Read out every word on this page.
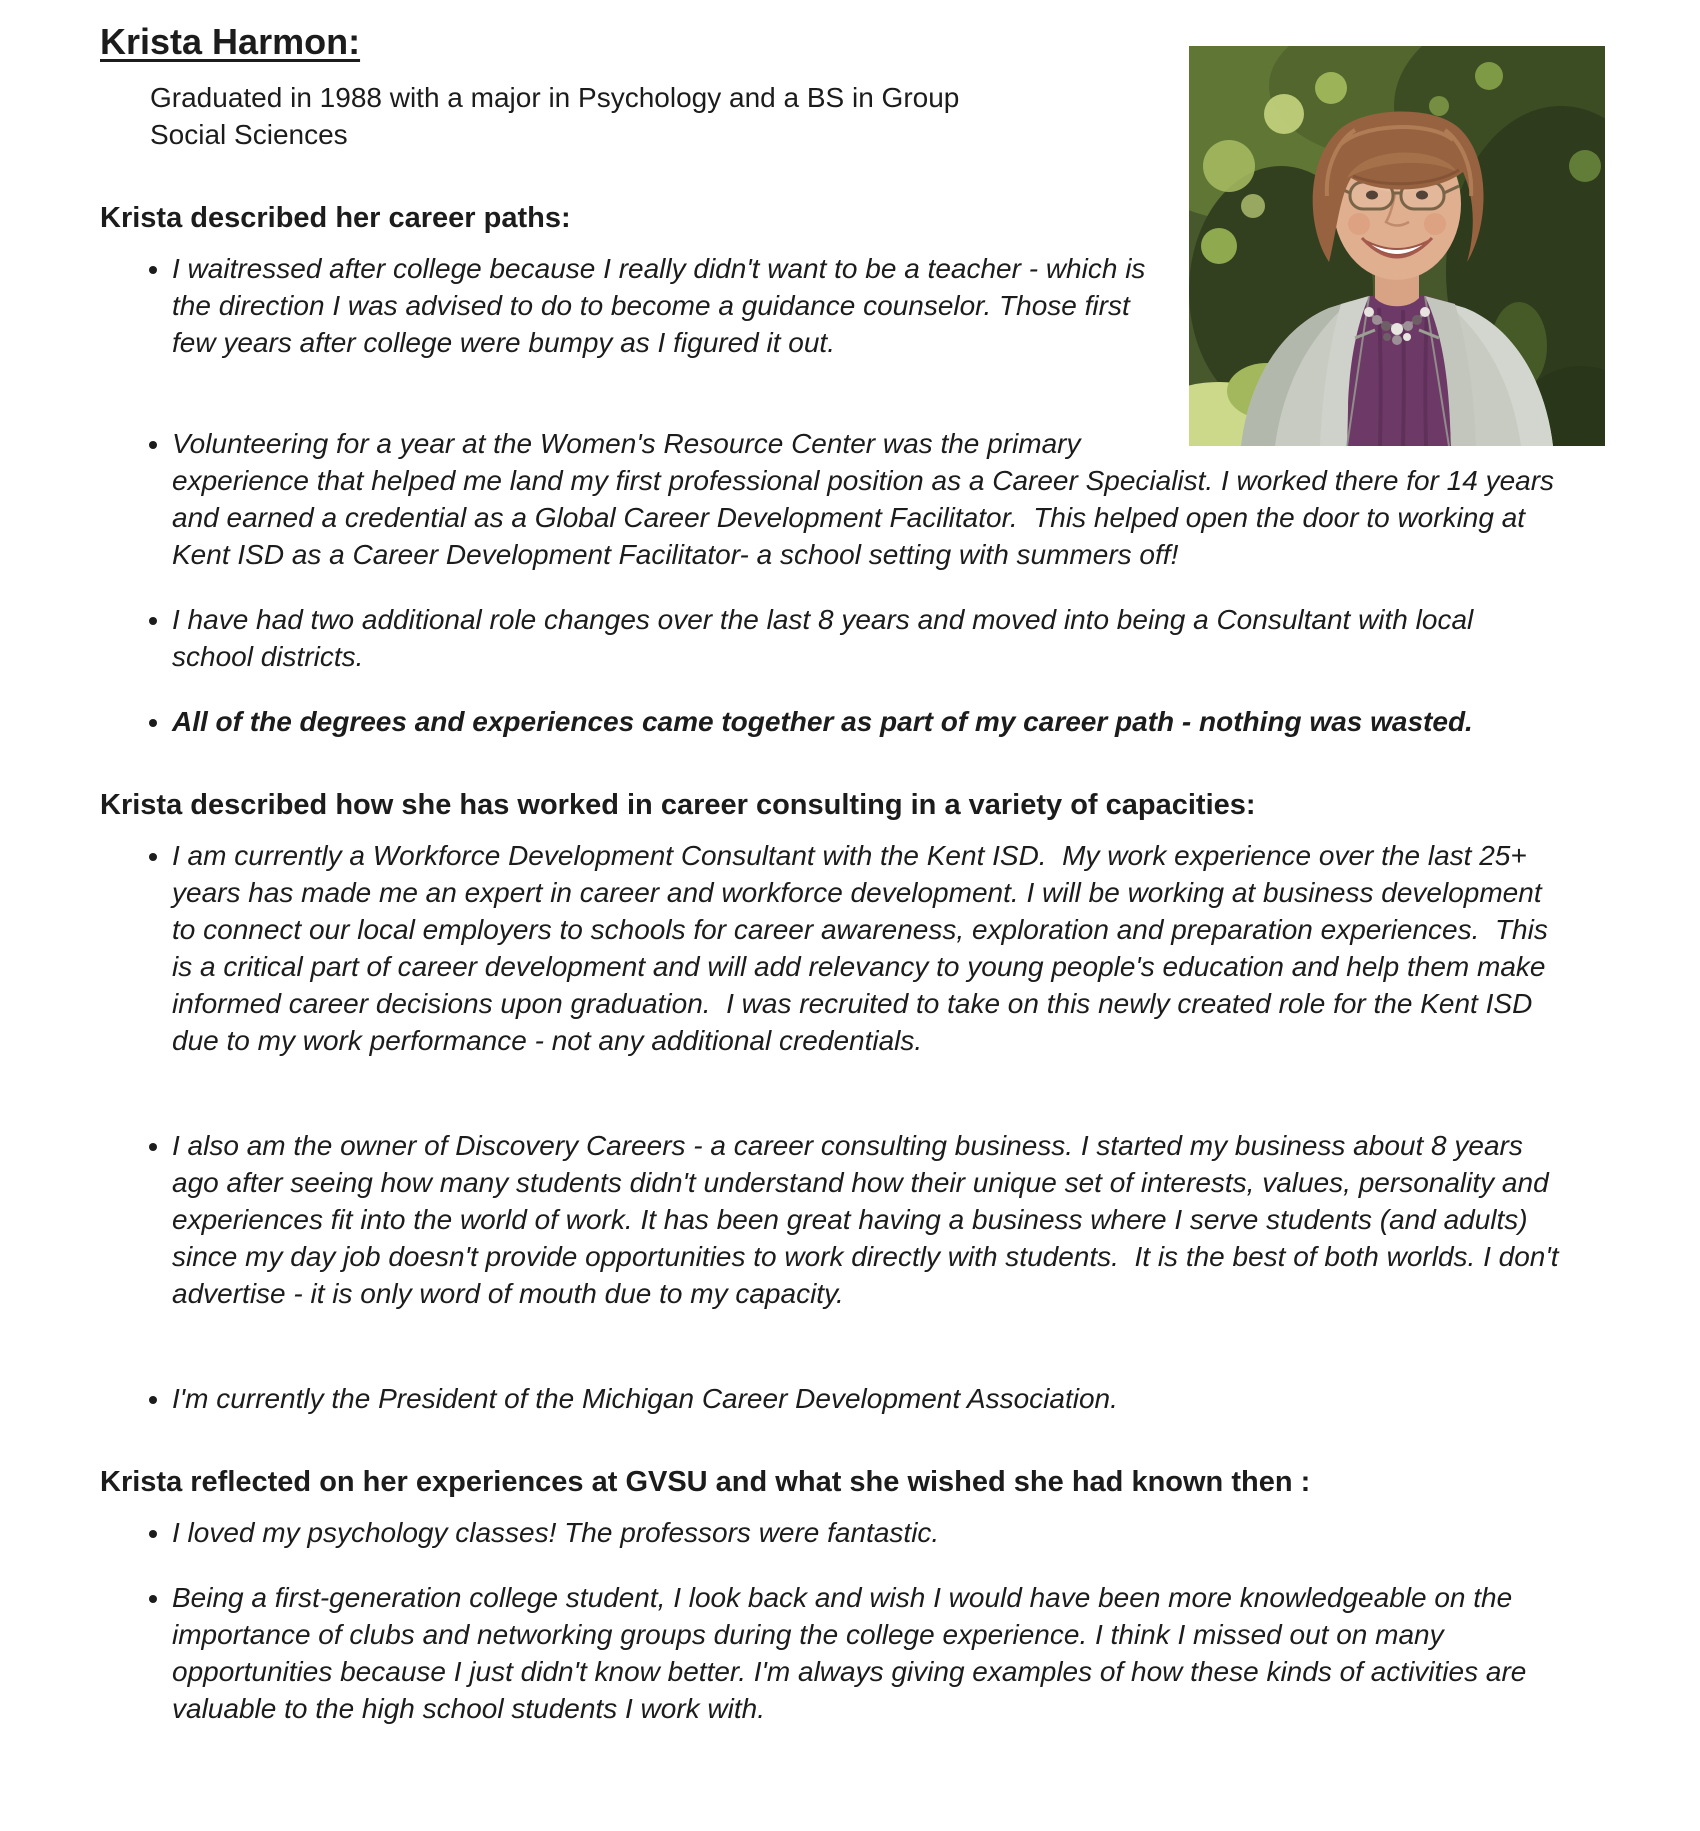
Krista Harmon:

Graduated in 1988 with a major in Psychology and a BS in Group Social Sciences

Krista described her career paths:
• I waitressed after college because I really didn't want to be a teacher - which is the direction I was advised to do to become a guidance counselor. Those first few years after college were bumpy as I figured it out.
• Volunteering for a year at the Women's Resource Center was the primary experience that helped me land my first professional position as a Career Specialist. I worked there for 14 years and earned a credential as a Global Career Development Facilitator.  This helped open the door to working at Kent ISD as a Career Development Facilitator- a school setting with summers off!
• I have had two additional role changes over the last 8 years and moved into being a Consultant with local school districts.
• All of the degrees and experiences came together as part of my career path - nothing was wasted.
Krista described how she has worked in career consulting in a variety of capacities:
• I am currently a Workforce Development Consultant with the Kent ISD.  My work experience over the last 25+ years has made me an expert in career and workforce development. I will be working at business development to connect our local employers to schools for career awareness, exploration and preparation experiences.  This is a critical part of career development and will add relevancy to young people's education and help them make informed career decisions upon graduation.  I was recruited to take on this newly created role for the Kent ISD due to my work performance - not any additional credentials.
• I also am the owner of Discovery Careers - a career consulting business. I started my business about 8 years ago after seeing how many students didn't understand how their unique set of interests, values, personality and experiences fit into the world of work. It has been great having a business where I serve students (and adults) since my day job doesn't provide opportunities to work directly with students.  It is the best of both worlds. I don't advertise - it is only word of mouth due to my capacity.
• I'm currently the President of the Michigan Career Development Association.
Krista reflected on her experiences at GVSU and what she wished she had known then :
• I loved my psychology classes! The professors were fantastic.
• Being a first-generation college student, I look back and wish I would have been more knowledgeable on the importance of clubs and networking groups during the college experience. I think I missed out on many opportunities because I just didn't know better. I'm always giving examples of how these kinds of activities are valuable to the high school students I work with.
